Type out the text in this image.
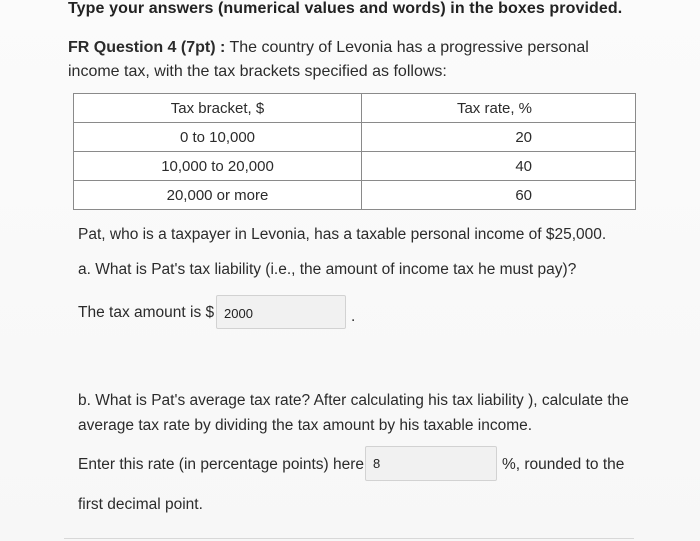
Type your answers (numerical values and words) in the boxes provided.
FR Question 4 (7pt) : The country of Levonia has a progressive personal income tax, with the tax brackets specified as follows:
Tax bracket, $	Tax rate, %
0 to 10,000	20
10,000 to 20,000	40
20,000 or more	60
Pat, who is a taxpayer in Levonia, has a taxable personal income of $25,000.
a. What is Pat's tax liability (i.e., the amount of income tax he must pay)?
The tax amount is $ 2000	.
b. What is Pat's average tax rate? After calculating his tax liability ), calculate the average tax rate by dividing the tax amount by his taxable income.
Enter this rate (in percentage points) here 8	%, rounded to the
first decimal point.
